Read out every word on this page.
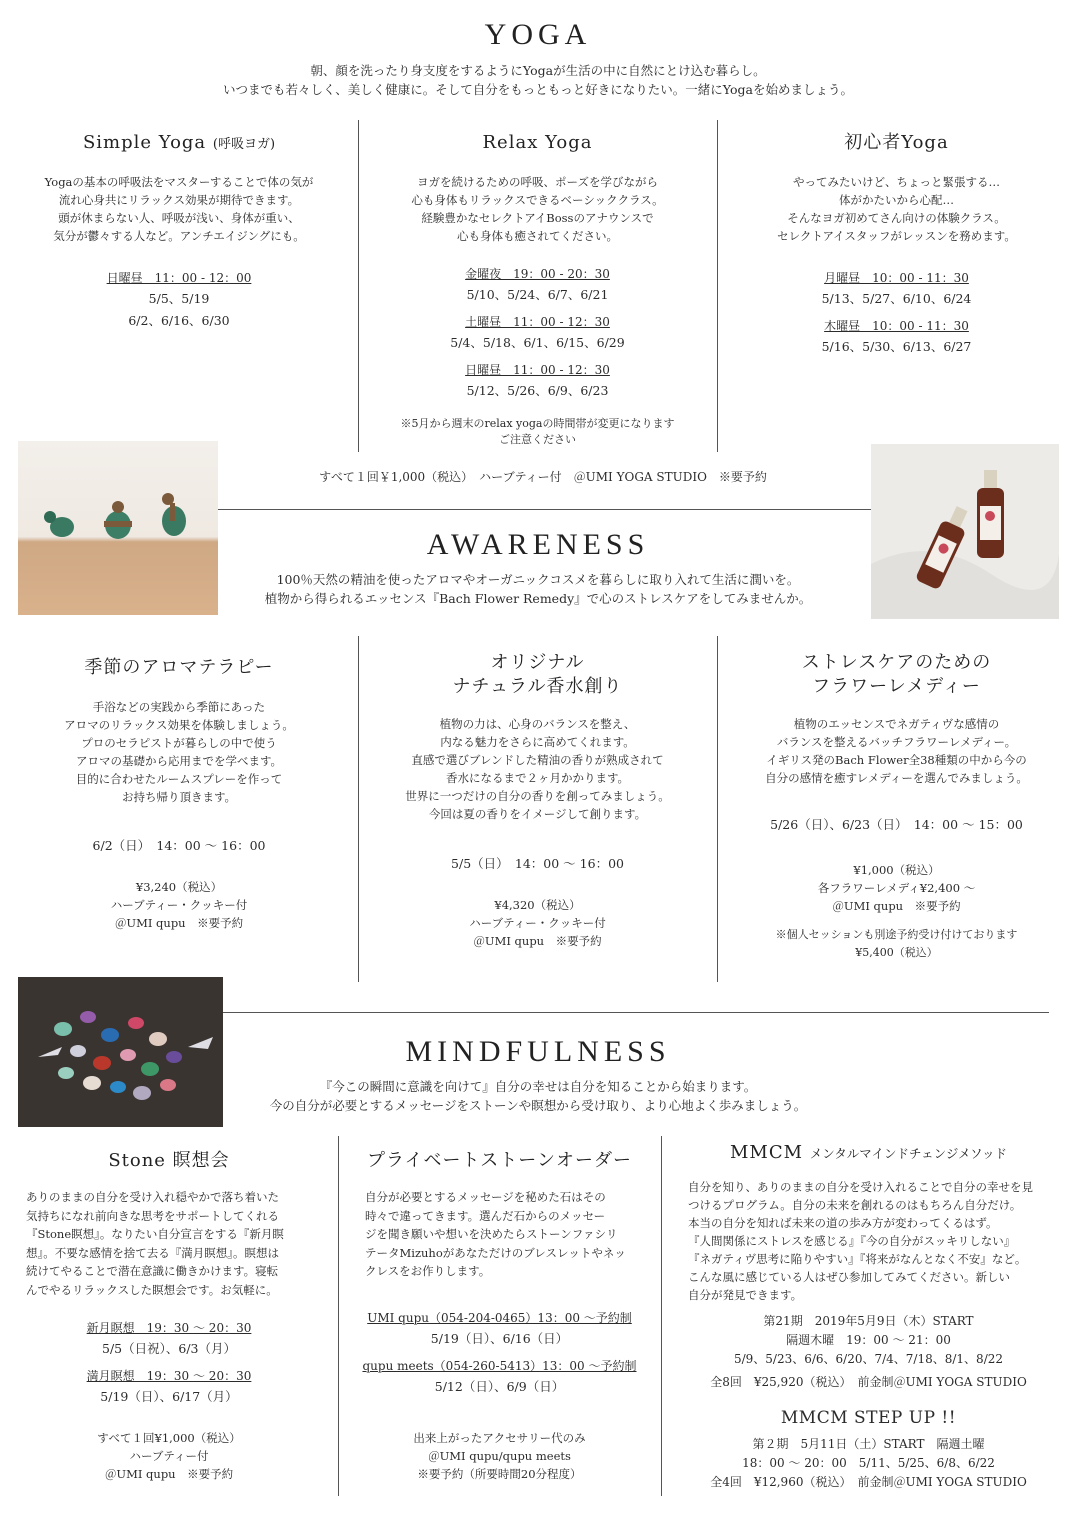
YOGA
朝、顔を洗ったり身支度をするようにYogaが生活の中に自然にとけ込む暮らし。
いつまでも若々しく、美しく健康に。そして自分をもっともっと好きになりたい。一緒にYogaを始めましょう。
Simple Yoga (呼吸ヨガ)
Yogaの基本の呼吸法をマスターすることで体の気が
流れ心身共にリラックス効果が期待できます。
頭が休まらない人、呼吸が浅い、身体が重い、
気分が鬱々する人など。アンチエイジングにも。
日曜昼　11：00 - 12：00
5/5、5/19
6/2、6/16、6/30
Relax Yoga
ヨガを続けるための呼吸、ポーズを学びながら
心も身体もリラックスできるベーシッククラス。
経験豊かなセレクトアイBossのアナウンスで
心も身体も癒されてください。
金曜夜　19：00 - 20：30
5/10、5/24、6/7、6/21
土曜昼　11：00 - 12：30
5/4、5/18、6/1、6/15、6/29
日曜昼　11：00 - 12：30
5/12、5/26、6/9、6/23
※5月から週末のrelax yogaの時間帯が変更になります
ご注意ください
初心者Yoga
やってみたいけど、ちょっと緊張する…
体がかたいから心配…
そんなヨガ初めてさん向けの体験クラス。
セレクトアイスタッフがレッスンを務めます。
月曜昼　10：00 - 11：30
5/13、5/27、6/10、6/24
木曜昼　10：00 - 11：30
5/16、5/30、6/13、6/27
すべて１回￥1,000（税込）　ハーブティー付　＠UMI YOGA STUDIO　※要予約
AWARENESS
100％天然の精油を使ったアロマやオーガニックコスメを暮らしに取り入れて生活に潤いを。
植物から得られるエッセンス『Bach Flower Remedy』で心のストレスケアをしてみませんか。
季節のアロマテラピー
手浴などの実践から季節にあった
アロマのリラックス効果を体験しましょう。
プロのセラピストが暮らしの中で使う
アロマの基礎から応用までを学べます。
目的に合わせたルームスプレーを作って
お持ち帰り頂きます。
6/2（日）　14：00 〜 16：00
¥3,240（税込）
ハーブティー・クッキー付
＠UMI qupu　※要予約
オリジナル
ナチュラル香水創り
植物の力は、心身のバランスを整え、
内なる魅力をさらに高めてくれます。
直感で選びブレンドした精油の香りが熟成されて
香水になるまで２ヶ月かかります。
世界に一つだけの自分の香りを創ってみましょう。
今回は夏の香りをイメージして創ります。
5/5（日）　14：00 〜 16：00
¥4,320（税込）
ハーブティー・クッキー付
＠UMI qupu　※要予約
ストレスケアのための
フラワーレメディー
植物のエッセンスでネガティヴな感情の
バランスを整えるバッチフラワーレメディー。
イギリス発のBach Flower全38種類の中から今の
自分の感情を癒すレメディーを選んでみましょう。
5/26（日）、6/23（日）　14：00 〜 15：00
¥1,000（税込）
各フラワーレメディ¥2,400 〜
＠UMI qupu　※要予約
※個人セッションも別途予約受け付けております
¥5,400（税込）
MINDFULNESS
『今この瞬間に意識を向けて』自分の幸せは自分を知ることから始まります。
今の自分が必要とするメッセージをストーンや瞑想から受け取り、より心地よく歩みましょう。
Stone 瞑想会
ありのままの自分を受け入れ穏やかで落ち着いた
気持ちになれ前向きな思考をサポートしてくれる
『Stone瞑想』。なりたい自分宣言をする『新月瞑
想』。不要な感情を捨て去る『満月瞑想』。瞑想は
続けてやることで潜在意識に働きかけます。寝転
んでやるリラックスした瞑想会です。お気軽に。
新月瞑想　19：30 〜 20：30
5/5（日祝）、6/3（月）
満月瞑想　19：30 〜 20：30
5/19（日）、6/17（月）
すべて１回¥1,000（税込）
ハーブティー付
＠UMI qupu　※要予約
プライベートストーンオーダー
自分が必要とするメッセージを秘めた石はその
時々で違ってきます。選んだ石からのメッセー
ジを聞き願いや想いを決めたらストーンファシリ
テータMizuhoがあなただけのブレスレットやネッ
クレスをお作りします。
UMI qupu（054-204-0465）13：00 〜予約制
5/19（日）、6/16（日）
qupu meets（054-260-5413）13：00 〜予約制
5/12（日）、6/9（日）
出来上がったアクセサリー代のみ
＠UMI qupu/qupu meets
※要予約（所要時間20分程度）
MMCM メンタルマインドチェンジメソッド
自分を知り、ありのままの自分を受け入れることで自分の幸せを見
つけるプログラム。自分の未来を創れるのはもちろん自分だけ。
本当の自分を知れば未来の道の歩み方が変わってくるはず。
『人間関係にストレスを感じる』『今の自分がスッキリしない』
『ネガティヴ思考に陥りやすい』『将来がなんとなく不安』など。
こんな風に感じている人はぜひ参加してみてください。新しい
自分が発見できます。
第21期　2019年5月9日（木）START
隔週木曜　19：00 〜 21：00
5/9、5/23、6/6、6/20、7/4、7/18、8/1、8/22
全8回　¥25,920（税込）　前金制＠UMI YOGA STUDIO
MMCM STEP UP !!
第２期　5月11日（土）START　隔週土曜
18：00 〜 20：00　5/11、5/25、6/8、6/22
全4回　¥12,960（税込）　前金制＠UMI YOGA STUDIO
